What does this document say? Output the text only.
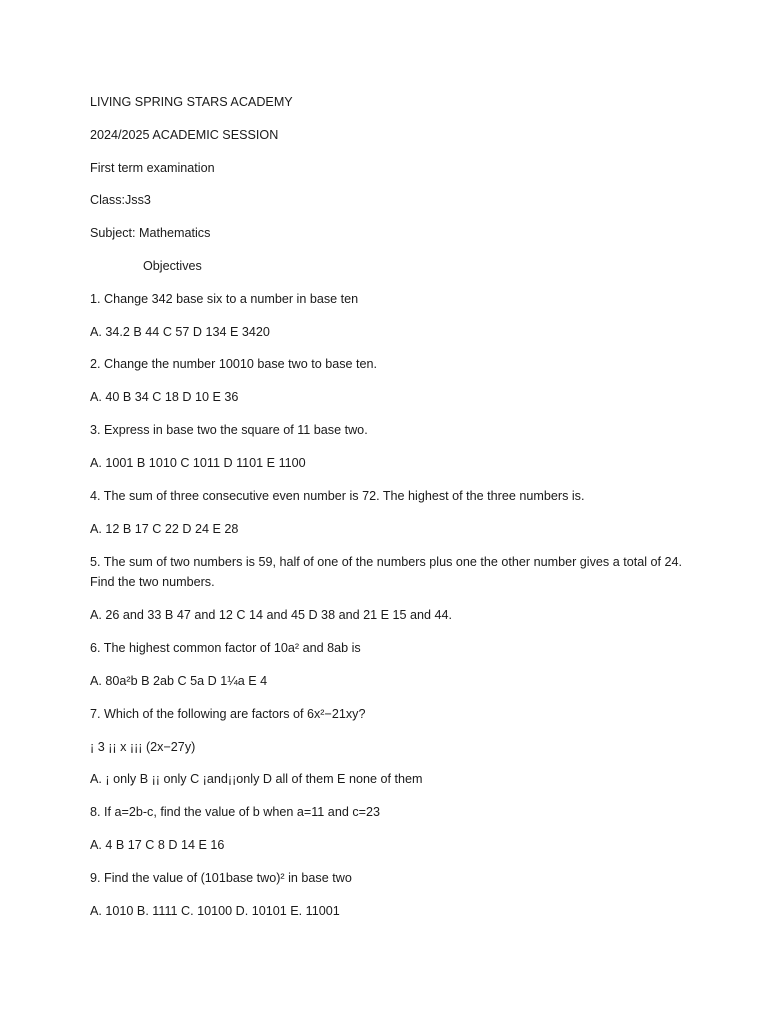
LIVING SPRING STARS ACADEMY

2024/2025 ACADEMIC SESSION

First term examination

Class:Jss3

Subject: Mathematics

Objectives

1. Change 342 base six to a number in base ten

A. 34.2 B 44 C 57 D 134 E 3420

2. Change the number 10010 base two to base ten.

A. 40 B 34 C 18 D 10 E 36

3. Express in base two the square of 11 base two.

A. 1001 B 1010 C 1011 D 1101 E 1100

4. The sum of three consecutive even number is 72. The highest of the three numbers is.

A. 12 B 17 C 22 D 24 E 28

5. The sum of two numbers is 59, half of one of the numbers plus one the other number gives a total of 24. Find the two numbers.

A. 26 and 33 B 47 and 12 C 14 and 45 D 38 and 21 E 15 and 44.

6. The highest common factor of 10a² and 8ab is

A. 80a²b B 2ab C 5a D 1¼a E 4

7. Which of the following are factors of 6x²−21xy?

¡ 3 ¡¡ x ¡¡¡ (2x−27y)

A. ¡ only B ¡¡ only C ¡and¡¡only D all of them E none of them

8. If a=2b-c, find the value of b when a=11 and c=23

A. 4 B 17 C 8 D 14 E 16

9. Find the value of (101base two)² in base two

A. 1010 B. 1111 C. 10100 D. 10101 E. 11001
